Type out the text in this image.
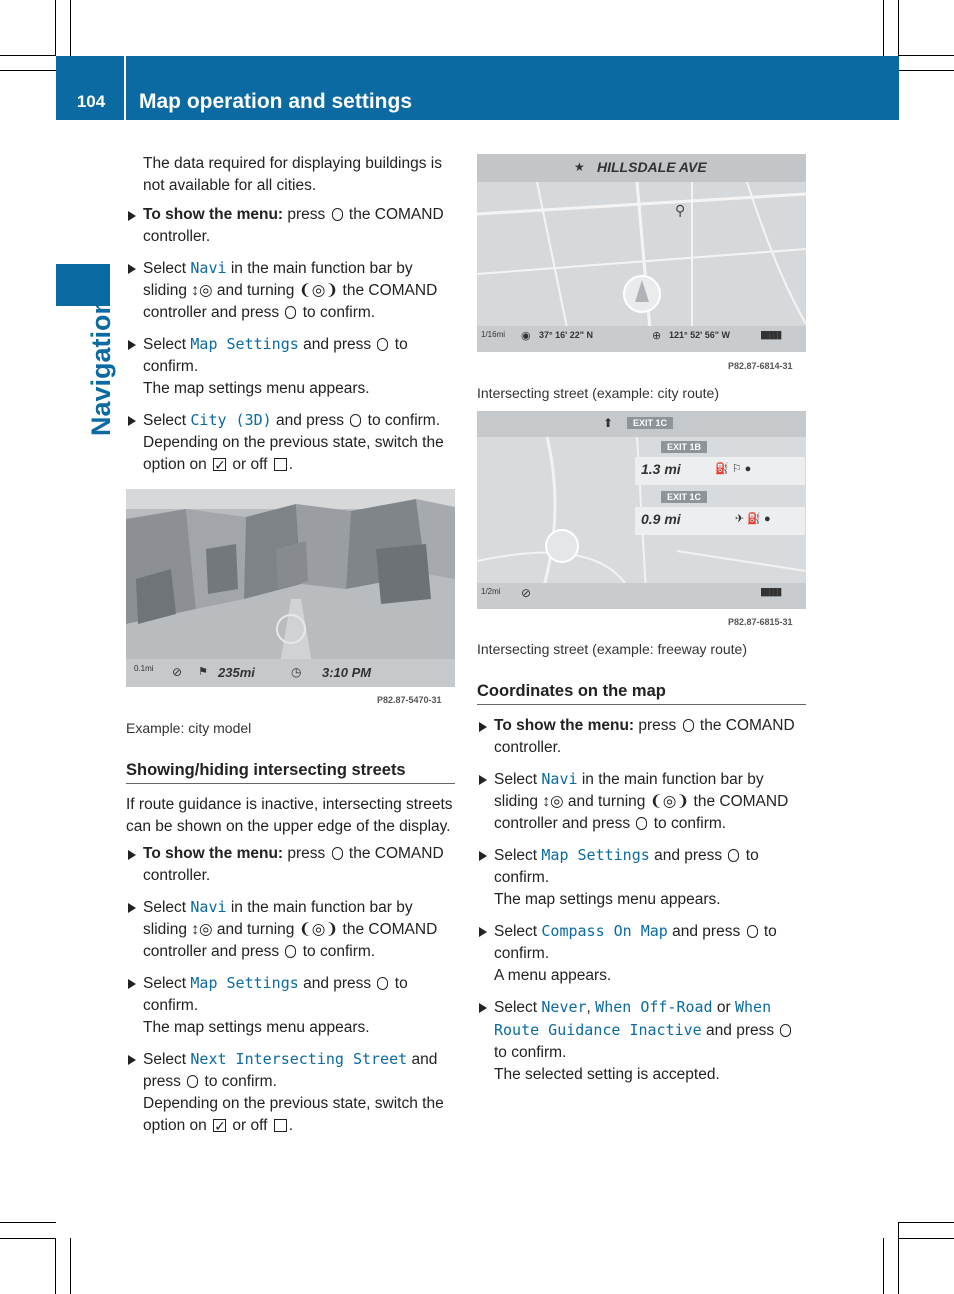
104	Map operation and settings
Navigation

The data required for displaying buildings is not available for all cities.

To show the menu: press  the COMAND controller.
Select Navi in the main function bar by sliding ↕◎ and turning ❨◎❩ the COMAND controller and press  to confirm.
Select Map Settings and press  to confirm.
The map settings menu appears.
Select City (3D) and press  to confirm.
Depending on the previous state, switch the option on ✓ or off .
0.1mi ⊘ ⚑ 235mi	◷ 3:10 PM
P82.87-5470-31
Example: city model
Showing/hiding intersecting streets

If route guidance is inactive, intersecting streets can be shown on the upper edge of the display.

To show the menu: press  the COMAND controller.
Select Navi in the main function bar by sliding ↕◎ and turning ❨◎❩ the COMAND controller and press  to confirm.
Select Map Settings and press  to confirm.
The map settings menu appears.
Select Next Intersecting Street and press  to confirm.
Depending on the previous state, switch the option on ✓ or off .
★ HILLSDALE AVE
⚲
1/16mi ◉ 37° 16' 22" N	⊕ 121° 52' 56" W	▮▮▮▮▮
P82.87-6814-31
Intersecting street (example: city route)
⬆	EXIT 1C
EXIT 1B
1.3 mi	⛽ ⚐ ●
EXIT 1C
0.9 mi	✈ ⛽ ●
1/2mi ⊘	▮▮▮▮▮
P82.87-6815-31
Intersecting street (example: freeway route)
Coordinates on the map
To show the menu: press  the COMAND controller.
Select Navi in the main function bar by sliding ↕◎ and turning ❨◎❩ the COMAND controller and press  to confirm.
Select Map Settings and press  to confirm.
The map settings menu appears.
Select Compass On Map and press  to confirm.
A menu appears.
Select Never, When Off-Road or When Route Guidance Inactive and press  to confirm.
The selected setting is accepted.
